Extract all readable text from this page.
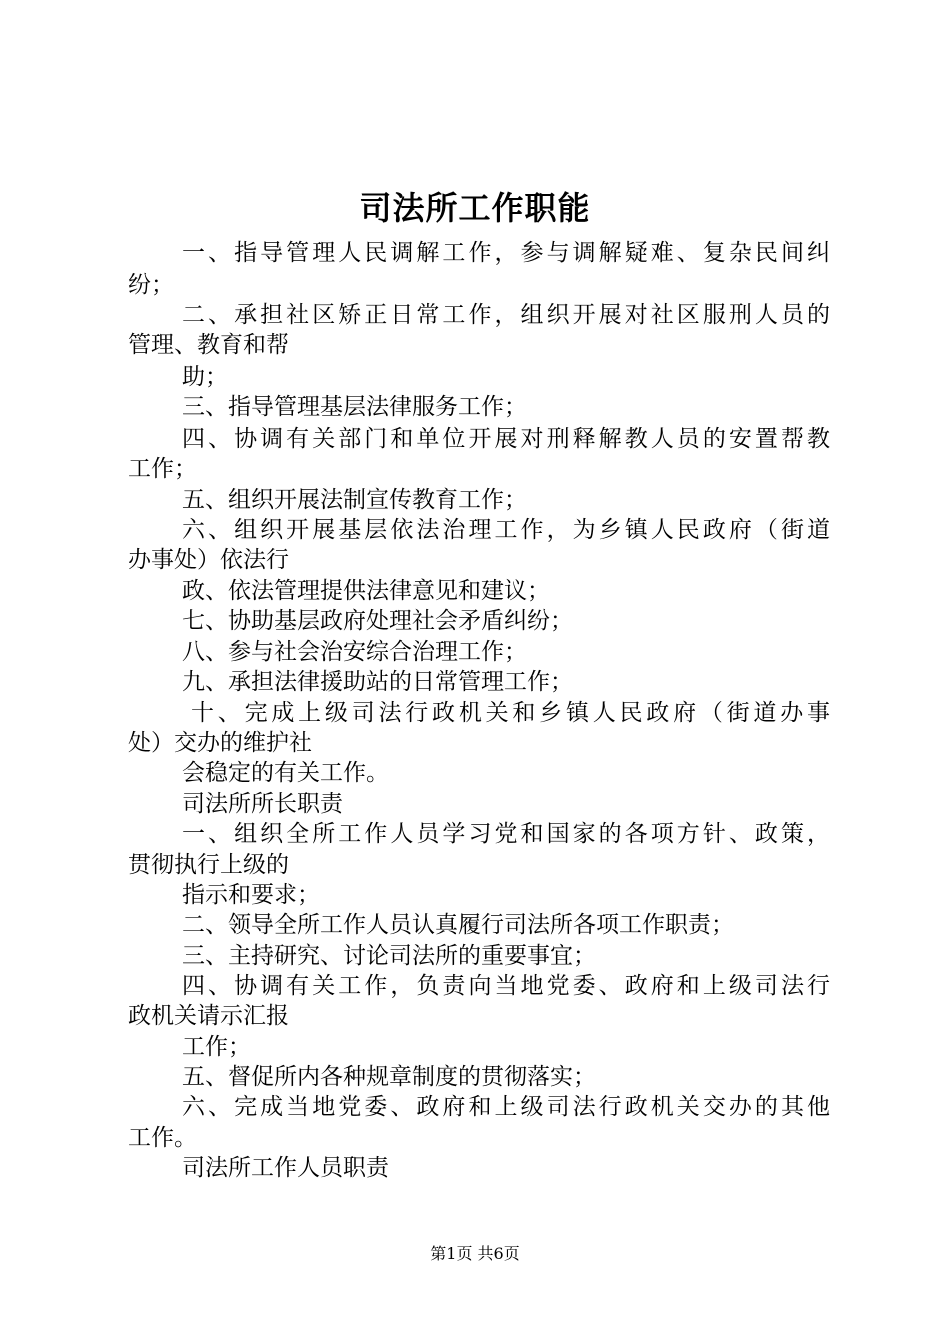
司法所工作职能
一、指导管理人民调解工作，参与调解疑难、复杂民间纠
纷；
二、承担社区矫正日常工作，组织开展对社区服刑人员的
管理、教育和帮
助；
三、指导管理基层法律服务工作；
四、协调有关部门和单位开展对刑释解教人员的安置帮教
工作；
五、组织开展法制宣传教育工作；
六、组织开展基层依法治理工作，为乡镇人民政府（街道
办事处）依法行
政、依法管理提供法律意见和建议；
七、协助基层政府处理社会矛盾纠纷；
八、参与社会治安综合治理工作；
九、承担法律援助站的日常管理工作；
十、完成上级司法行政机关和乡镇人民政府（街道办事
处）交办的维护社
会稳定的有关工作。
司法所所长职责
一、组织全所工作人员学习党和国家的各项方针、政策，
贯彻执行上级的
指示和要求；
二、领导全所工作人员认真履行司法所各项工作职责；
三、主持研究、讨论司法所的重要事宜；
四、协调有关工作，负责向当地党委、政府和上级司法行
政机关请示汇报
工作；
五、督促所内各种规章制度的贯彻落实；
六、完成当地党委、政府和上级司法行政机关交办的其他
工作。
司法所工作人员职责
第1页 共6页
